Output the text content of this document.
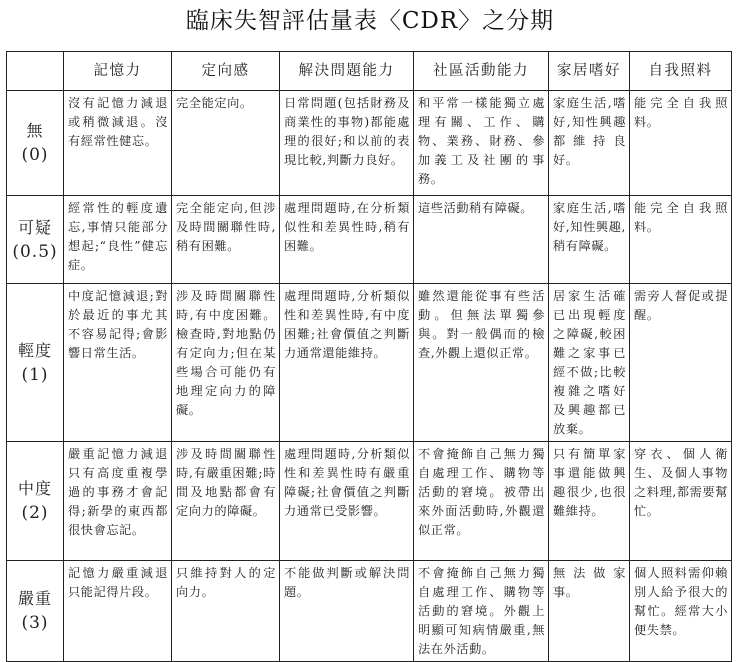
臨床失智評估量表〈CDR〉之分期
	記憶力	定向感	解決問題能力	社區活動能力	家居嗜好	自我照料

無
(0)	沒有記憶力減退或稍微減退。沒有經常性健忘。	完全能定向。	日常問題(包括財務及商業性的事物)都能處理的很好;和以前的表現比較,判斷力良好。	和平常一樣能獨立處理有關、工作、購物、業務、財務、參加義工及社團的事務。	家庭生活,嗜好,知性興趣都維持良好。	能完全自我照料。

可疑
(0.5)	經常性的輕度遺忘,事情只能部分想起;“良性”健忘症。	完全能定向,但涉及時間關聯性時,稍有困難。	處理問題時,在分析類似性和差異性時,稍有困難。	這些活動稍有障礙。	家庭生活,嗜好,知性興趣,稍有障礙。	能完全自我照料。

輕度
(1)	中度記憶減退;對於最近的事尤其不容易記得;會影響日常生活。	涉及時間關聯性時,有中度困難。檢查時,對地點仍有定向力;但在某些場合可能仍有地理定向力的障礙。	處理問題時,分析類似性和差異性時,有中度困難;社會價值之判斷力通常還能維持。	雖然還能從事有些活動。但無法單獨參與。對一般偶而的檢查,外觀上還似正常。	居家生活確已出現輕度之障礙,較困難之家事已經不做;比較複雜之嗜好及興趣都已放棄。	需旁人督促或提醒。

中度
(2)	嚴重記憶力減退只有高度重複學過的事務才會記得;新學的東西都很快會忘記。	涉及時間關聯性時,有嚴重困難;時間及地點都會有定向力的障礙。	處理問題時,分析類似性和差異性時有嚴重障礙;社會價值之判斷力通常已受影響。	不會掩飾自己無力獨自處理工作、購物等活動的窘境。被帶出來外面活動時,外觀還似正常。	只有簡單家事還能做興趣很少,也很難維持。	穿衣、個人衛生、及個人事物之料理,都需要幫忙。

嚴重
(3)	記憶力嚴重減退只能記得片段。	只維持對人的定向力。	不能做判斷或解決問題。	不會掩飾自己無力獨自處理工作、購物等活動的窘境。外觀上明顯可知病情嚴重,無法在外活動。	無法做家事。	個人照料需仰賴別人給予很大的幫忙。經常大小便失禁。
